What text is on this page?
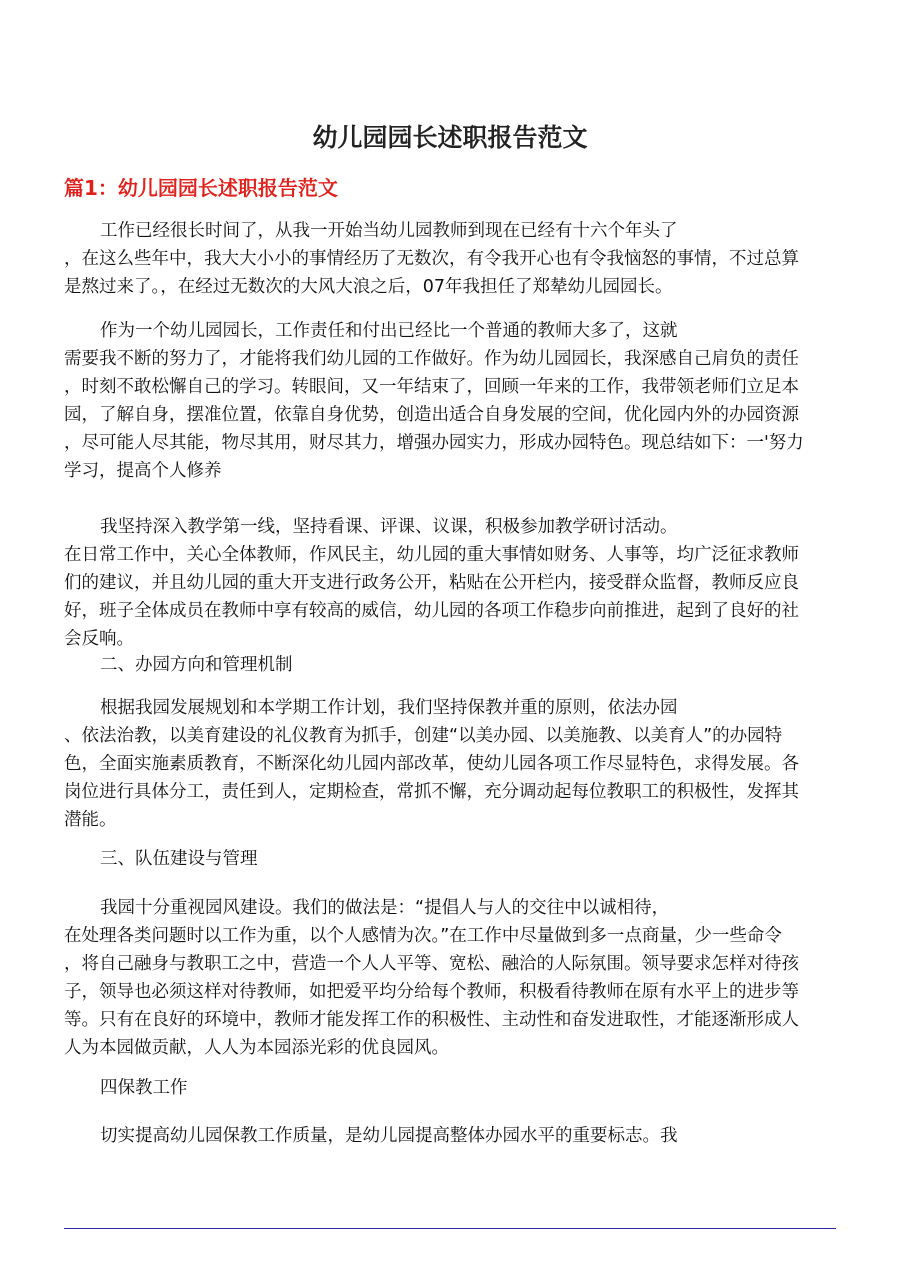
幼儿园园长述职报告范文
篇1：幼儿园园长述职报告范文
工作已经很长时间了，从我一开始当幼儿园教师到现在已经有十六个年头了
，在这么些年中，我大大小小的事情经历了无数次，有令我开心也有令我恼怒的事情，不过总算
是熬过来了。，在经过无数次的大风大浪之后，07年我担任了郑辇幼儿园园长。
作为一个幼儿园园长，工作责任和付出已经比一个普通的教师大多了，这就
需要我不断的努力了，才能将我们幼儿园的工作做好。作为幼儿园园长，我深感自己肩负的责任
，时刻不敢松懈自己的学习。转眼间，又一年结束了，回顾一年来的工作，我带领老师们立足本
园，了解自身，摆准位置，依靠自身优势，创造出适合自身发展的空间，优化园内外的办园资源
，尽可能人尽其能，物尽其用，财尽其力，增强办园实力，形成办园特色。现总结如下：一'努力
学习，提高个人修养
我坚持深入教学第一线，坚持看课、评课、议课，积极参加教学研讨活动。
在日常工作中，关心全体教师，作风民主，幼儿园的重大事情如财务、人事等，均广泛征求教师
们的建议，并且幼儿园的重大开支进行政务公开，粘贴在公开栏内，接受群众监督，教师反应良
好，班子全体成员在教师中享有较高的威信，幼儿园的各项工作稳步向前推进，起到了良好的社
会反响。
二、办园方向和管理机制
根据我园发展规划和本学期工作计划，我们坚持保教并重的原则，依法办园
、依法治教，以美育建设的礼仪教育为抓手，创建“以美办园、以美施教、以美育人”的办园特
色，全面实施素质教育，不断深化幼儿园内部改革，使幼儿园各项工作尽显特色，求得发展。各
岗位进行具体分工，责任到人，定期检查，常抓不懈，充分调动起每位教职工的积极性，发挥其
潜能。
三、队伍建设与管理
我园十分重视园风建设。我们的做法是：“提倡人与人的交往中以诚相待，
在处理各类问题时以工作为重，以个人感情为次。”在工作中尽量做到多一点商量，少一些命令
，将自己融身与教职工之中，营造一个人人平等、宽松、融洽的人际氛围。领导要求怎样对待孩
子，领导也必须这样对待教师，如把爱平均分给每个教师，积极看待教师在原有水平上的进步等
等。只有在良好的环境中，教师才能发挥工作的积极性、主动性和奋发进取性，才能逐渐形成人
人为本园做贡献，人人为本园添光彩的优良园风。
四保教工作
切实提高幼儿园保教工作质量，是幼儿园提高整体办园水平的重要标志。我
